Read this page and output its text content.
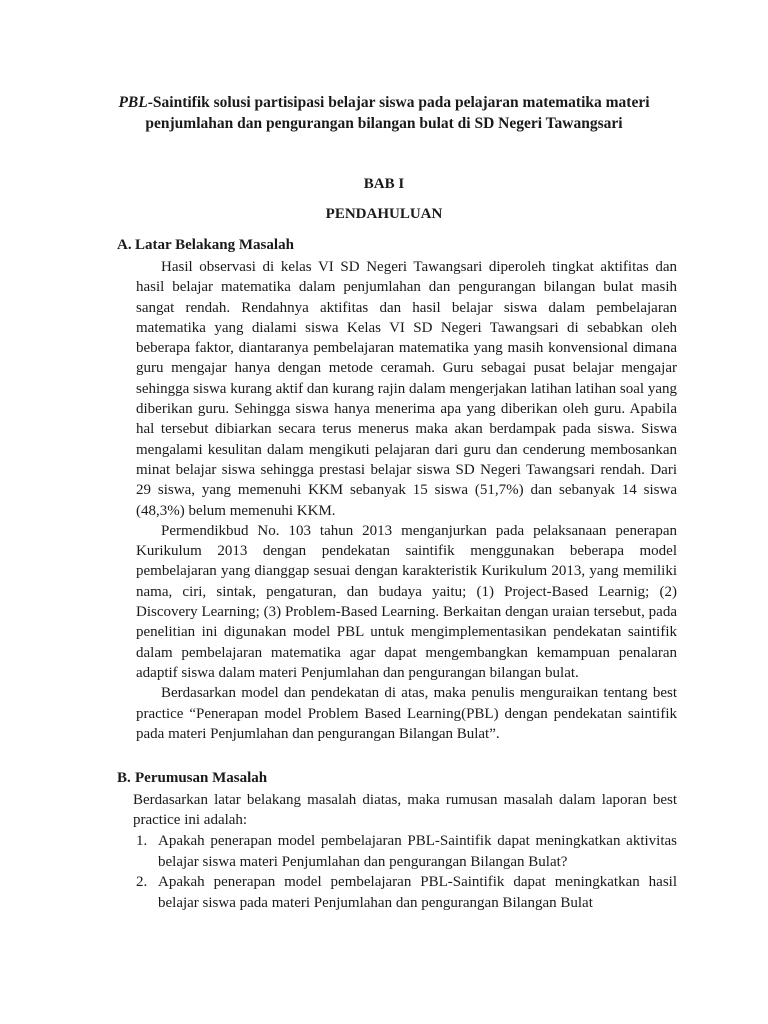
PBL-Saintifik solusi partisipasi belajar siswa pada pelajaran matematika materi penjumlahan dan pengurangan bilangan bulat di SD Negeri Tawangsari
BAB I
PENDAHULUAN
A. Latar Belakang Masalah

Hasil observasi di kelas VI SD Negeri Tawangsari diperoleh tingkat aktifitas dan hasil belajar matematika dalam penjumlahan dan pengurangan bilangan bulat masih sangat rendah. Rendahnya aktifitas dan hasil belajar siswa dalam pembelajaran matematika yang dialami siswa Kelas VI SD Negeri Tawangsari di sebabkan oleh beberapa faktor, diantaranya pembelajaran matematika yang masih konvensional dimana guru mengajar hanya dengan metode ceramah. Guru sebagai pusat belajar mengajar sehingga siswa kurang aktif dan kurang rajin dalam mengerjakan latihan latihan soal yang diberikan guru. Sehingga siswa hanya menerima apa yang diberikan oleh guru. Apabila hal tersebut dibiarkan secara terus menerus maka akan berdampak pada siswa. Siswa mengalami kesulitan dalam mengikuti pelajaran dari guru dan cenderung membosankan minat belajar siswa sehingga prestasi belajar siswa SD Negeri Tawangsari rendah. Dari 29 siswa, yang memenuhi KKM sebanyak 15 siswa (51,7%) dan sebanyak 14 siswa (48,3%) belum memenuhi KKM.

Permendikbud No. 103 tahun 2013 menganjurkan pada pelaksanaan penerapan Kurikulum 2013 dengan pendekatan saintifik menggunakan beberapa model pembelajaran yang dianggap sesuai dengan karakteristik Kurikulum 2013, yang memiliki nama, ciri, sintak, pengaturan, dan budaya yaitu; (1) Project-Based Learnig; (2) Discovery Learning; (3) Problem-Based Learning. Berkaitan dengan uraian tersebut, pada penelitian ini digunakan model PBL untuk mengimplementasikan pendekatan saintifik dalam pembelajaran matematika agar dapat mengembangkan kemampuan penalaran adaptif siswa dalam materi Penjumlahan dan pengurangan bilangan bulat.

Berdasarkan model dan pendekatan di atas, maka penulis menguraikan tentang best practice “Penerapan model Problem Based Learning(PBL) dengan pendekatan saintifik pada materi Penjumlahan dan pengurangan Bilangan Bulat”.

B. Perumusan Masalah

Berdasarkan latar belakang masalah diatas, maka rumusan masalah dalam laporan best practice ini adalah:

1. Apakah penerapan model pembelajaran PBL-Saintifik dapat meningkatkan aktivitas belajar siswa materi Penjumlahan dan pengurangan Bilangan Bulat?
2. Apakah penerapan model pembelajaran PBL-Saintifik dapat meningkatkan hasil belajar siswa pada materi Penjumlahan dan pengurangan Bilangan Bulat
